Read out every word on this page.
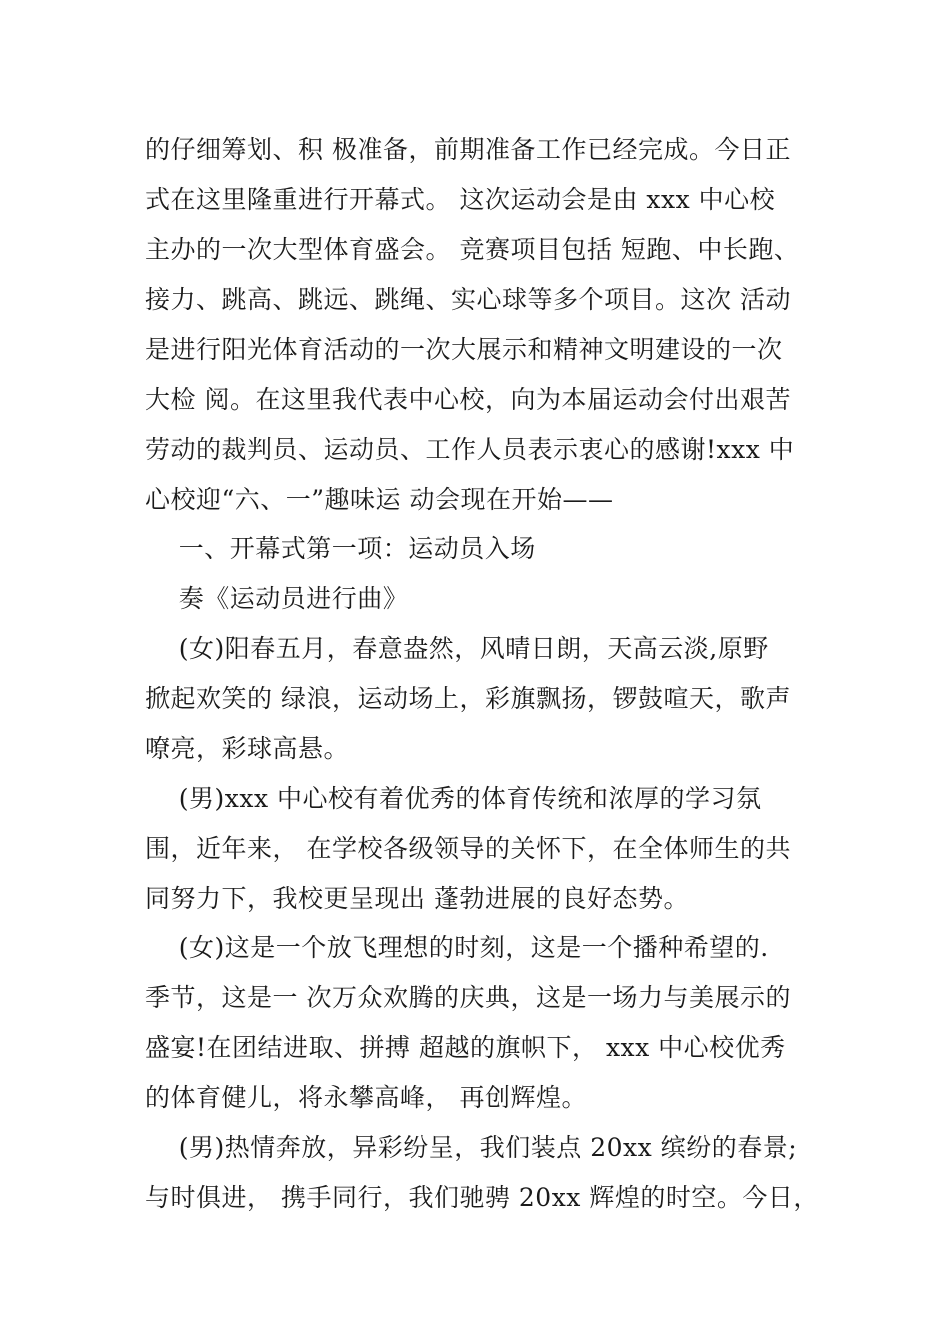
的仔细筹划、积 极准备，前期准备工作已经完成。今日正
式在这里隆重进行开幕式。 这次运动会是由 xxx 中心校
主办的一次大型体育盛会。 竞赛项目包括 短跑、中长跑、
接力、跳高、跳远、跳绳、实心球等多个项目。这次 活动
是进行阳光体育活动的一次大展示和精神文明建设的一次
大检 阅。在这里我代表中心校，向为本届运动会付出艰苦
劳动的裁判员、运动员、工作人员表示衷心的感谢!xxx 中
心校迎“六、一”趣味运 动会现在开始——
一、开幕式第一项：运动员入场
奏《运动员进行曲》
(女)阳春五月，春意盎然，风晴日朗，天高云淡,原野
掀起欢笑的 绿浪，运动场上，彩旗飘扬，锣鼓喧天，歌声
嘹亮，彩球高悬。
(男)xxx 中心校有着优秀的体育传统和浓厚的学习氛
围，近年来， 在学校各级领导的关怀下，在全体师生的共
同努力下，我校更呈现出 蓬勃进展的良好态势。
(女)这是一个放飞理想的时刻，这是一个播种希望的.
季节，这是一 次万众欢腾的庆典，这是一场力与美展示的
盛宴!在团结进取、拼搏 超越的旗帜下， xxx 中心校优秀
的体育健儿，将永攀高峰， 再创辉煌。
(男)热情奔放，异彩纷呈，我们装点 20xx 缤纷的春景;
与时俱进， 携手同行，我们驰骋 20xx 辉煌的时空。今日，
